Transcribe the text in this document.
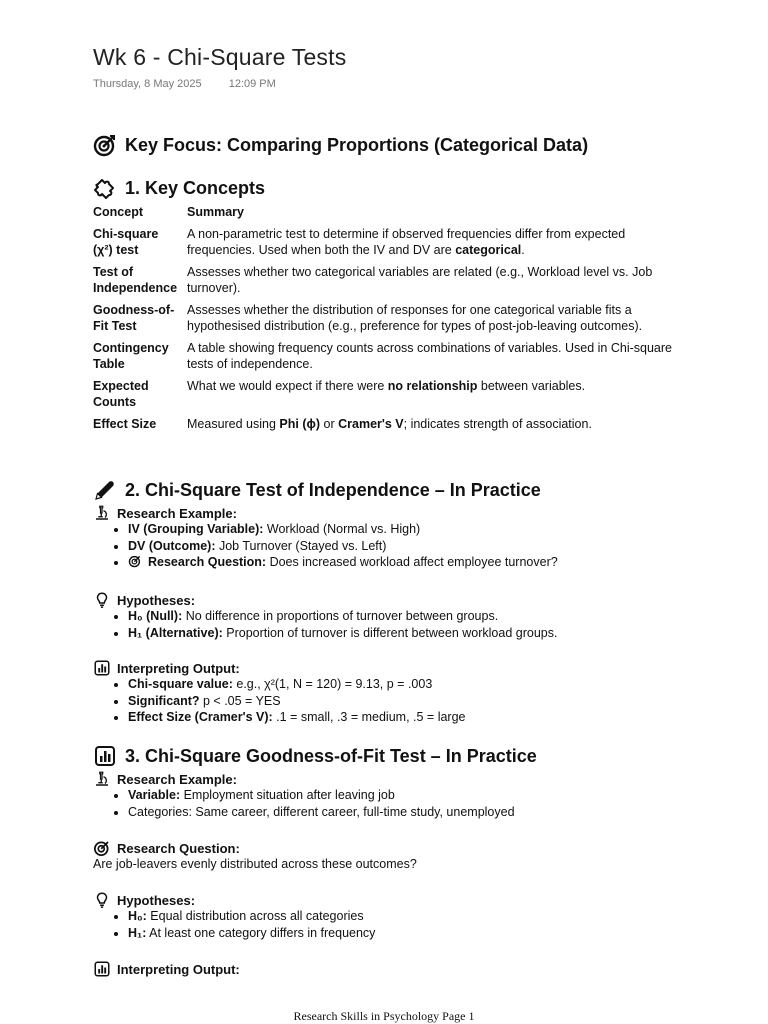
Wk 6 - Chi-Square Tests
Thursday, 8 May 2025 12:09 PM
Key Focus: Comparing Proportions (Categorical Data)
1. Key Concepts
Concept	Summary
Chi-square (χ²) test	A non-parametric test to determine if observed frequencies differ from expected frequencies. Used when both the IV and DV are categorical.
Test of Independence	Assesses whether two categorical variables are related (e.g., Workload level vs. Job turnover).
Goodness-of-Fit Test	Assesses whether the distribution of responses for one categorical variable fits a hypothesised distribution (e.g., preference for types of post-job-leaving outcomes).
Contingency Table	A table showing frequency counts across combinations of variables. Used in Chi-square tests of independence.
Expected Counts	What we would expect if there were no relationship between variables.
Effect Size	Measured using Phi (ϕ) or Cramer's V; indicates strength of association.
2. Chi-Square Test of Independence – In Practice
Research Example:
• IV (Grouping Variable): Workload (Normal vs. High)
• DV (Outcome): Job Turnover (Stayed vs. Left)
• Research Question: Does increased workload affect employee turnover?
Hypotheses:
• H₀ (Null): No difference in proportions of turnover between groups.
• H₁ (Alternative): Proportion of turnover is different between workload groups.
Interpreting Output:
• Chi-square value: e.g., χ²(1, N = 120) = 9.13, p = .003
• Significant? p < .05 = YES
• Effect Size (Cramer's V): .1 = small, .3 = medium, .5 = large
3. Chi-Square Goodness-of-Fit Test – In Practice
Research Example:
• Variable: Employment situation after leaving job
• Categories: Same career, different career, full-time study, unemployed
Research Question:
Are job-leavers evenly distributed across these outcomes?
Hypotheses:
• H₀: Equal distribution across all categories
• H₁: At least one category differs in frequency
Interpreting Output:
Research Skills in Psychology Page 1
